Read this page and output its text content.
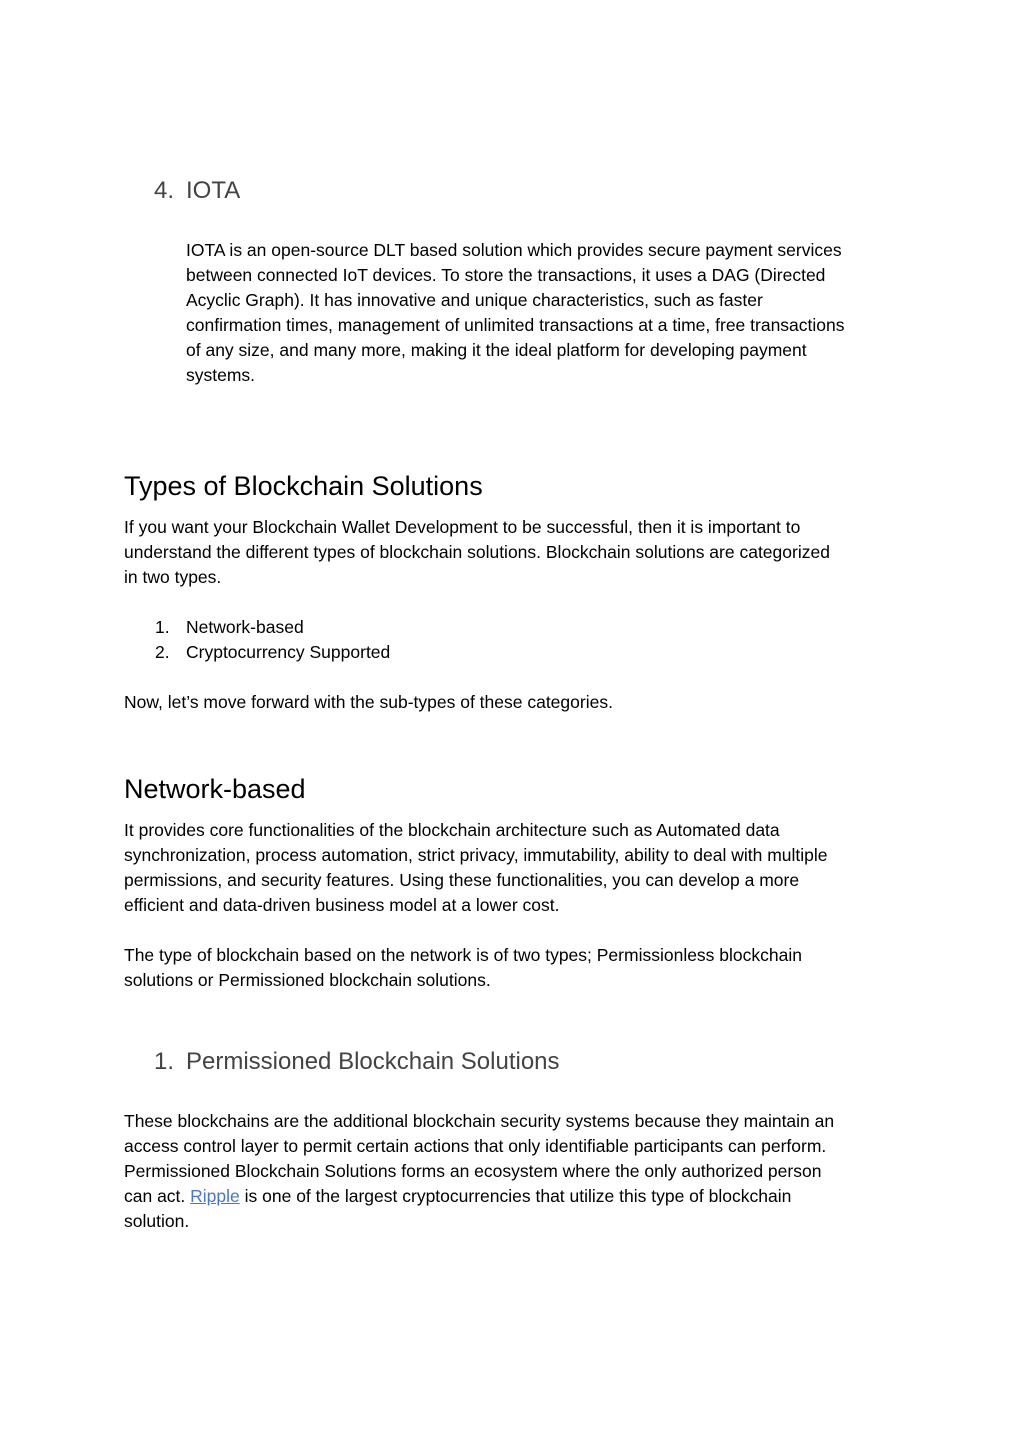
4. IOTA
IOTA is an open-source DLT based solution which provides secure payment services
between connected IoT devices. To store the transactions, it uses a DAG (Directed
Acyclic Graph). It has innovative and unique characteristics, such as faster
confirmation times, management of unlimited transactions at a time, free transactions
of any size, and many more, making it the ideal platform for developing payment
systems.
Types of Blockchain Solutions
If you want your Blockchain Wallet Development to be successful, then it is important to
understand the different types of blockchain solutions. Blockchain solutions are categorized
in two types.
1. Network-based
2. Cryptocurrency Supported
Now, let’s move forward with the sub-types of these categories.
Network-based
It provides core functionalities of the blockchain architecture such as Automated data
synchronization, process automation, strict privacy, immutability, ability to deal with multiple
permissions, and security features. Using these functionalities, you can develop a more
efficient and data-driven business model at a lower cost.
The type of blockchain based on the network is of two types; Permissionless blockchain
solutions or Permissioned blockchain solutions.
1. Permissioned Blockchain Solutions
These blockchains are the additional blockchain security systems because they maintain an
access control layer to permit certain actions that only identifiable participants can perform.
Permissioned Blockchain Solutions forms an ecosystem where the only authorized person
can act. Ripple is one of the largest cryptocurrencies that utilize this type of blockchain
solution.
